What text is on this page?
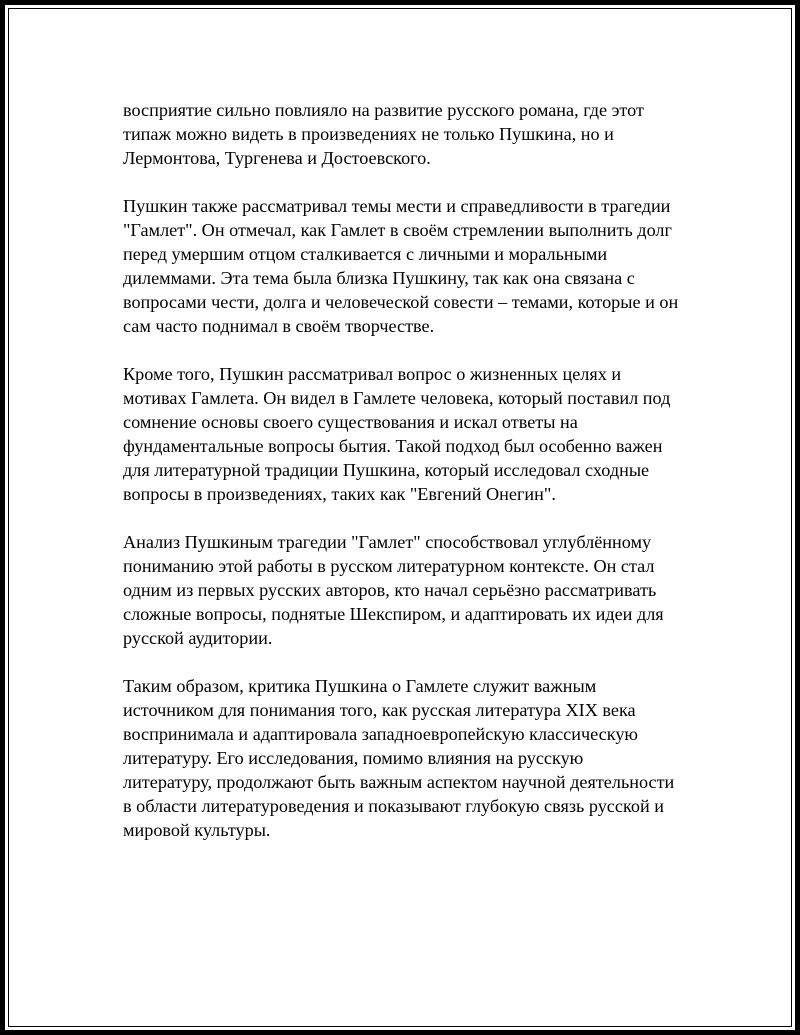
восприятие сильно повлияло на развитие русского романа, где этот
типаж можно видеть в произведениях не только Пушкина, но и
Лермонтова, Тургенева и Достоевского.

Пушкин также рассматривал темы мести и справедливости в трагедии
"Гамлет". Он отмечал, как Гамлет в своём стремлении выполнить долг
перед умершим отцом сталкивается с личными и моральными
дилеммами. Эта тема была близка Пушкину, так как она связана с
вопросами чести, долга и человеческой совести – темами, которые и он
сам часто поднимал в своём творчестве.

Кроме того, Пушкин рассматривал вопрос о жизненных целях и
мотивах Гамлета. Он видел в Гамлете человека, который поставил под
сомнение основы своего существования и искал ответы на
фундаментальные вопросы бытия. Такой подход был особенно важен
для литературной традиции Пушкина, который исследовал сходные
вопросы в произведениях, таких как "Евгений Онегин".

Анализ Пушкиным трагедии "Гамлет" способствовал углублённому
пониманию этой работы в русском литературном контексте. Он стал
одним из первых русских авторов, кто начал серьёзно рассматривать
сложные вопросы, поднятые Шекспиром, и адаптировать их идеи для
русской аудитории.

Таким образом, критика Пушкина о Гамлете служит важным
источником для понимания того, как русская литература XIX века
воспринимала и адаптировала западноевропейскую классическую
литературу. Его исследования, помимо влияния на русскую
литературу, продолжают быть важным аспектом научной деятельности
в области литературоведения и показывают глубокую связь русской и
мировой культуры.
